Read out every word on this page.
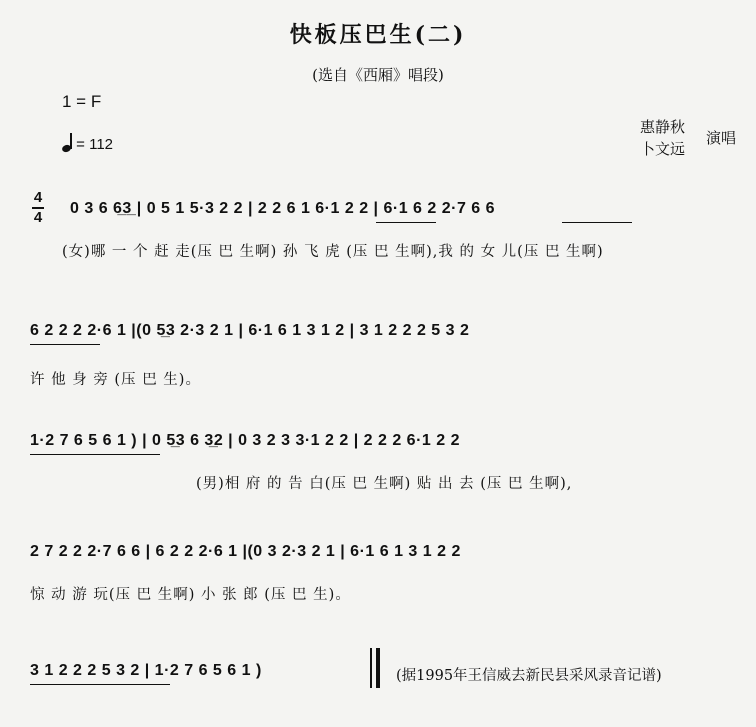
快板压巴生(二)
(选自《西厢》唱段)
1 = F
= 112
惠静秋
卜文远
演唱
4
4 0 3 6 6̲3̲ | 0 5 1 5·3 2 2 | 2 2 6 1 6·1 2 2 | 6·1 6 2 2·7 6 6
(女)哪 一 个 赶 走(压 巴 生啊) 孙 飞 虎 (压 巴 生啊),我 的 女 儿(压 巴 生啊)
6 2 2 2 2·6 1 |(0 5̲3 2·3 2 1 | 6·1 6 1 3 1 2 | 3 1 2 2 2 5 3 2
许 他 身 旁 (压 巴 生)。
1·2 7 6 5 6 1 ) | 0 5̲3 6 3̲2 | 0 3 2 3 3·1 2 2 | 2 2 2 6·1 2 2
(男)相 府 的 告 白(压 巴 生啊) 贴 出 去 (压 巴 生啊),
2 7 2 2 2·7 6 6 | 6 2 2 2·6 1 |(0 3 2·3 2 1 | 6·1 6 1 3 1 2 2
惊 动 游 玩(压 巴 生啊) 小 张 郎 (压 巴 生)。
3 1 2 2 2 5 3 2 | 1·2 7 6 5 6 1 )	(据1995年王信威去新民县采风录音记谱)
